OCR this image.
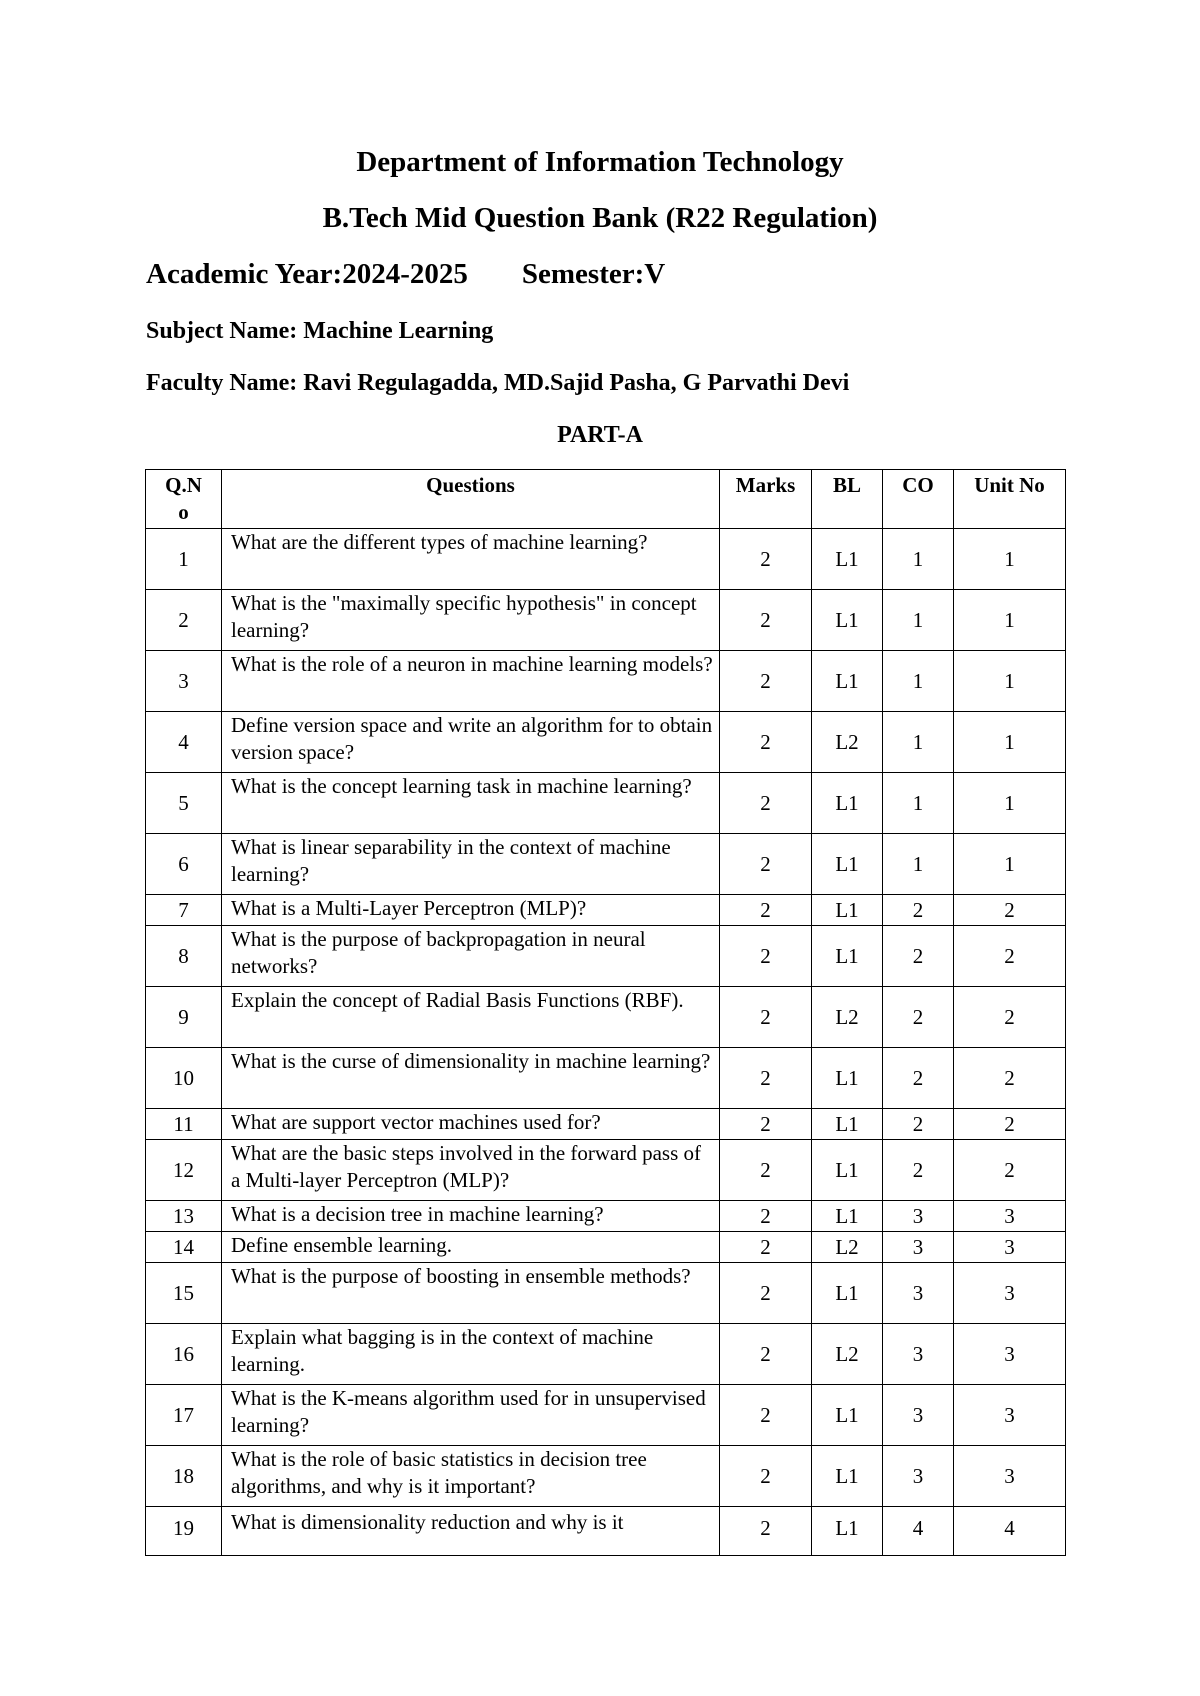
Department of Information Technology
B.Tech Mid Question Bank (R22 Regulation)
Academic Year:2024-2025 Semester:V
Subject Name: Machine Learning
Faculty Name: Ravi Regulagadda, MD.Sajid Pasha, G Parvathi Devi
PART-A
Q.No	Questions	Marks	BL	CO	Unit No
1	What are the different types of machine learning?	2	L1	1	1
2	What is the "maximally specific hypothesis" in concept learning?	2	L1	1	1
3	What is the role of a neuron in machine learning models?	2	L1	1	1
4	Define version space and write an algorithm for to obtain version space?	2	L2	1	1
5	What is the concept learning task in machine learning?	2	L1	1	1
6	What is linear separability in the context of machine learning?	2	L1	1	1
7	What is a Multi-Layer Perceptron (MLP)?	2	L1	2	2
8	What is the purpose of backpropagation in neural networks?	2	L1	2	2
9	Explain the concept of Radial Basis Functions (RBF).	2	L2	2	2
10	What is the curse of dimensionality in machine learning?	2	L1	2	2
11	What are support vector machines used for?	2	L1	2	2
12	What are the basic steps involved in the forward pass of a Multi-layer Perceptron (MLP)?	2	L1	2	2
13	What is a decision tree in machine learning?	2	L1	3	3
14	Define ensemble learning.	2	L2	3	3
15	What is the purpose of boosting in ensemble methods?	2	L1	3	3
16	Explain what bagging is in the context of machine learning.	2	L2	3	3
17	What is the K-means algorithm used for in unsupervised learning?	2	L1	3	3
18	What is the role of basic statistics in decision tree algorithms, and why is it important?	2	L1	3	3
19	What is dimensionality reduction and why is it	2	L1	4	4
